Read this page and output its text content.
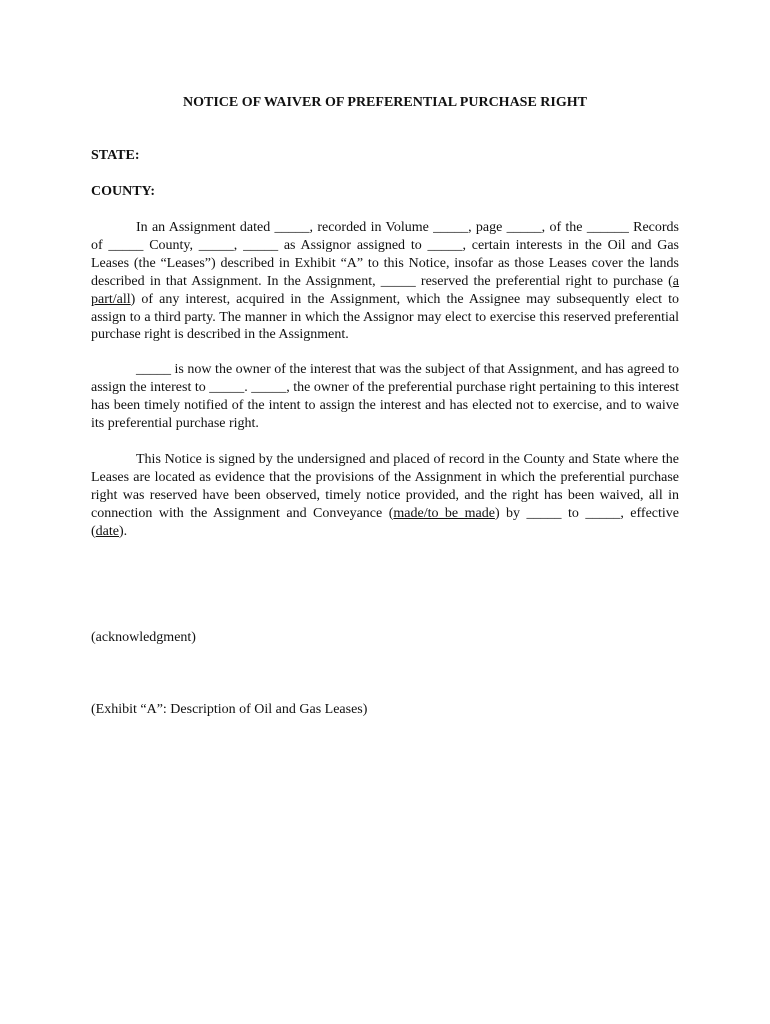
NOTICE OF WAIVER OF PREFERENTIAL PURCHASE RIGHT
STATE:
COUNTY:

In an Assignment dated _____, recorded in Volume _____, page _____, of the ______ Records of _____ County, _____, _____ as Assignor assigned to _____, certain interests in the Oil and Gas Leases (the “Leases”) described in Exhibit “A” to this Notice, insofar as those Leases cover the lands described in that Assignment. In the Assignment, _____ reserved the preferential right to purchase (a part/all) of any interest, acquired in the Assignment, which the Assignee may subsequently elect to assign to a third party. The manner in which the Assignor may elect to exercise this reserved preferential purchase right is described in the Assignment.

_____ is now the owner of the interest that was the subject of that Assignment, and has agreed to assign the interest to _____. _____, the owner of the preferential purchase right pertaining to this interest has been timely notified of the intent to assign the interest and has elected not to exercise, and to waive its preferential purchase right.

This Notice is signed by the undersigned and placed of record in the County and State where the Leases are located as evidence that the provisions of the Assignment in which the preferential purchase right was reserved have been observed, timely notice provided, and the right has been waived, all in connection with the Assignment and Conveyance (made/to be made) by _____ to _____, effective (date).

(acknowledgment)
(Exhibit “A”: Description of Oil and Gas Leases)
